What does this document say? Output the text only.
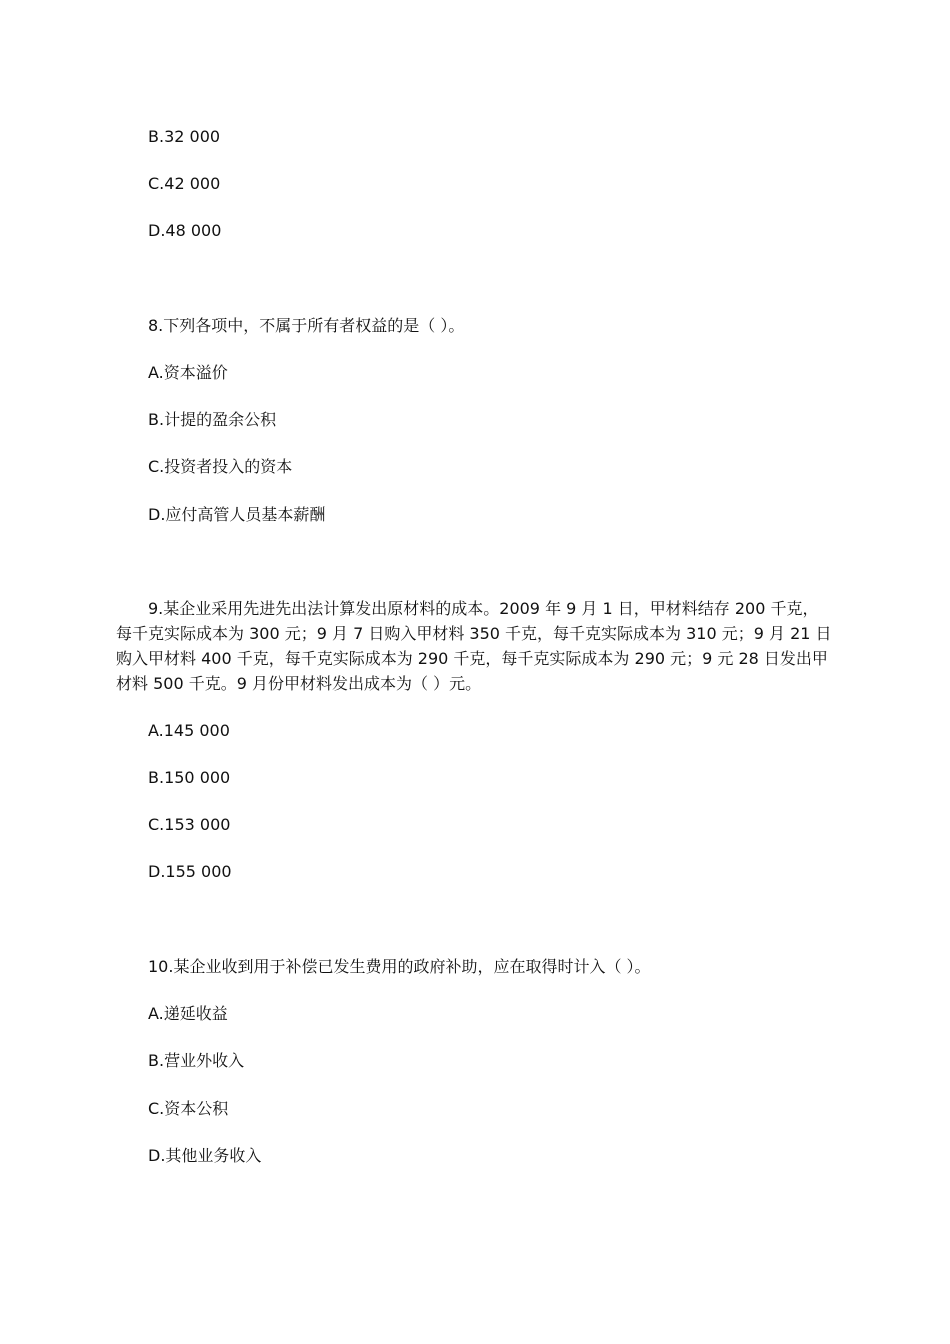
B.32 000
C.42 000
D.48 000
8.下列各项中，不属于所有者权益的是（ ）。
A.资本溢价
B.计提的盈余公积
C.投资者投入的资本
D.应付高管人员基本薪酬
9.某企业采用先进先出法计算发出原材料的成本。2009 年 9 月 1 日，甲材料结存 200 千克，
每千克实际成本为 300 元；9 月 7 日购入甲材料 350 千克，每千克实际成本为 310 元；9 月 21 日
购入甲材料 400 千克，每千克实际成本为 290 千克，每千克实际成本为 290 元；9 元 28 日发出甲
材料 500 千克。9 月份甲材料发出成本为（ ）元。
A.145 000
B.150 000
C.153 000
D.155 000
10.某企业收到用于补偿已发生费用的政府补助，应在取得时计入（ ）。
A.递延收益
B.营业外收入
C.资本公积
D.其他业务收入
